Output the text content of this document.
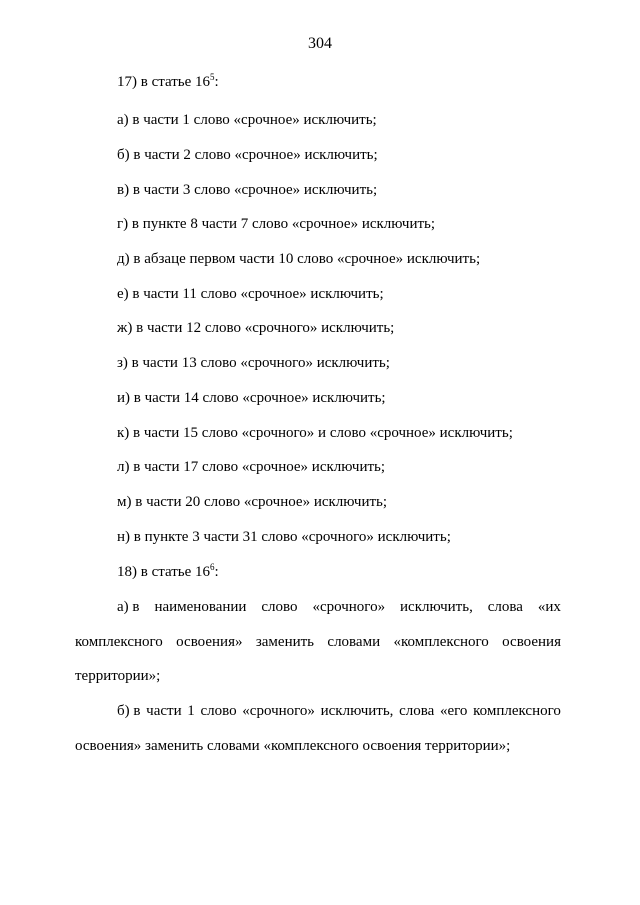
304
17) в статье $16^5$:
а) в части 1 слово «срочное» исключить;
б) в части 2 слово «срочное» исключить;
в) в части 3 слово «срочное» исключить;
г) в пункте 8 части 7 слово «срочное» исключить;
д) в абзаце первом части 10 слово «срочное» исключить;
е) в части 11 слово «срочное» исключить;
ж) в части 12 слово «срочного» исключить;
з) в части 13 слово «срочного» исключить;
и) в части 14 слово «срочное» исключить;
к) в части 15 слово «срочного» и слово «срочное» исключить;
л) в части 17 слово «срочное» исключить;
м) в части 20 слово «срочное» исключить;
н) в пункте 3 части 31 слово «срочного» исключить;
18) в статье $16^6$:
а) в наименовании слово «срочного» исключить, слова «их
комплексного освоения» заменить словами «комплексного освоения
территории»;
б) в части 1 слово «срочного» исключить, слова «его комплексного
освоения» заменить словами «комплексного освоения территории»;
